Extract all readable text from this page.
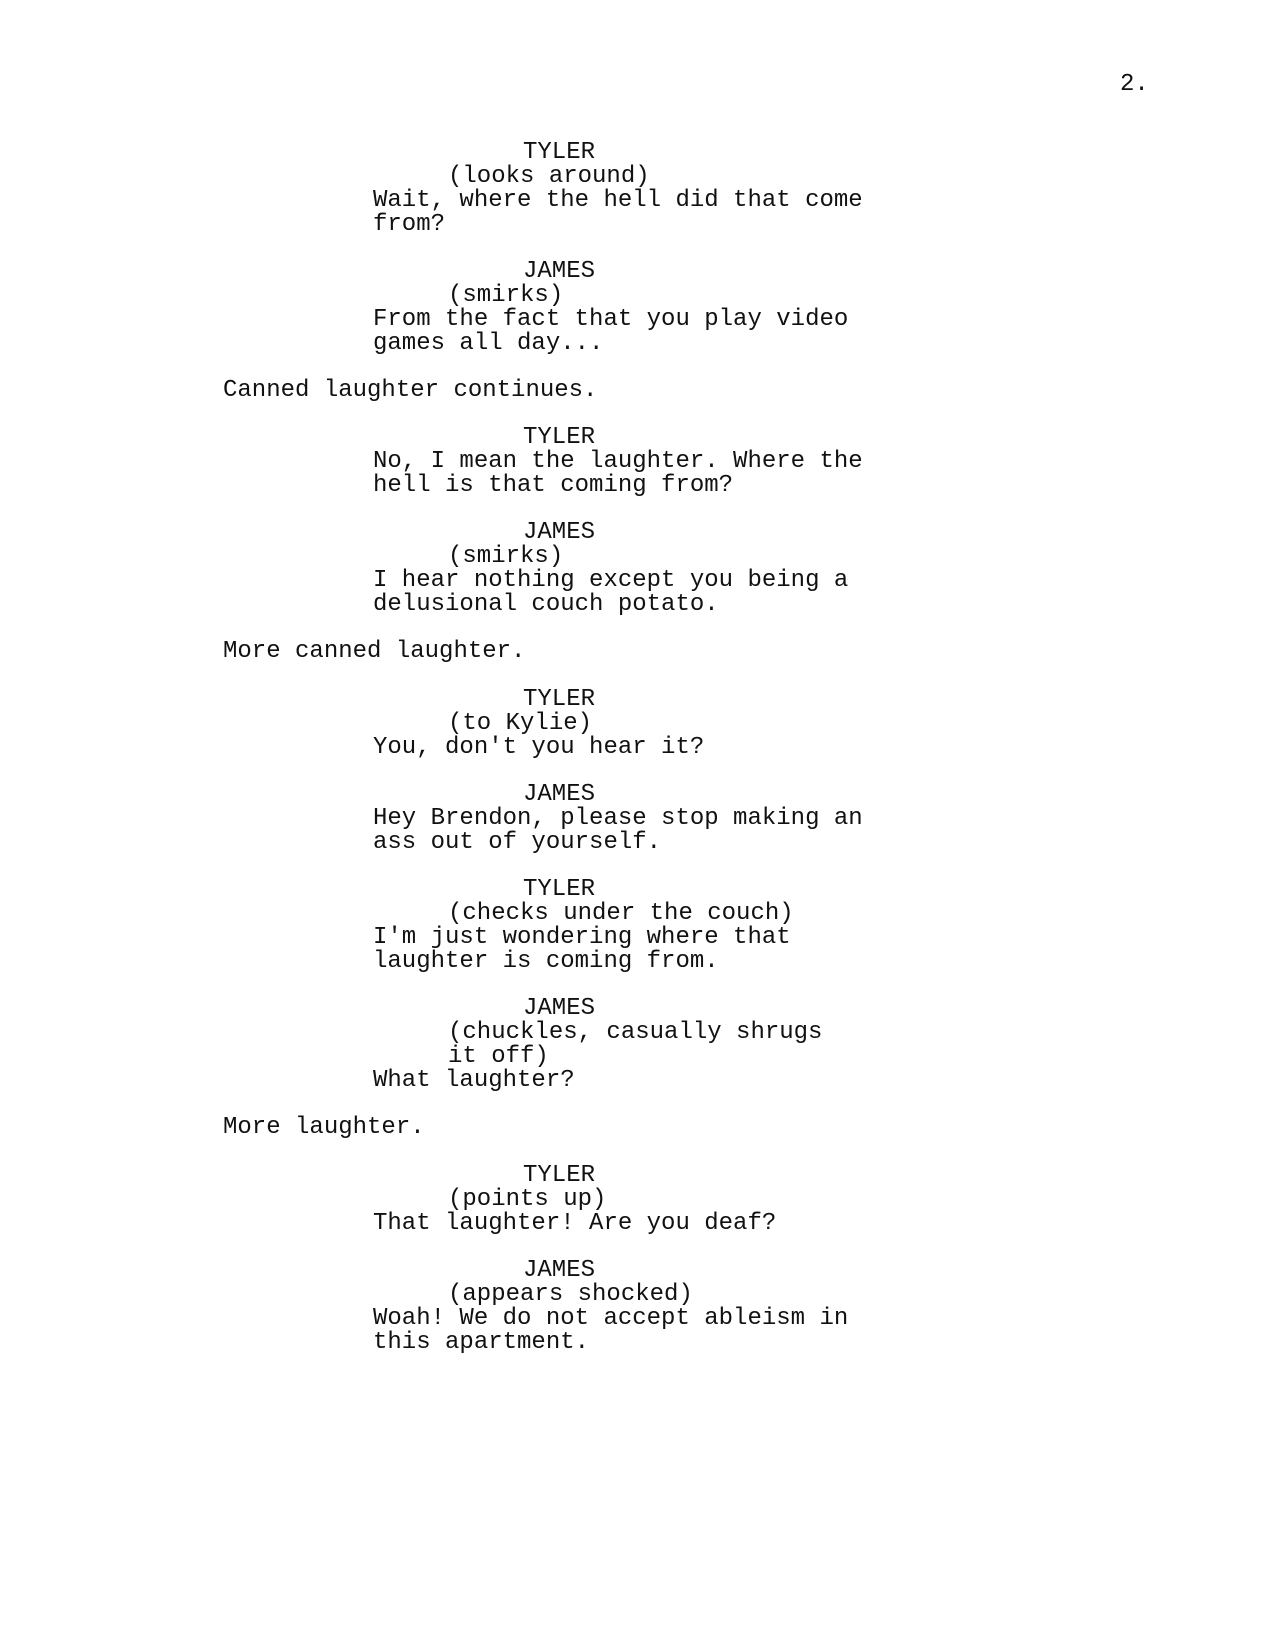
2.
TYLER
(looks around)
Wait, where the hell did that come
from?
JAMES
(smirks)
From the fact that you play video
games all day...
Canned laughter continues.
TYLER
No, I mean the laughter. Where the
hell is that coming from?
JAMES
(smirks)
I hear nothing except you being a
delusional couch potato.
More canned laughter.
TYLER
(to Kylie)
You, don't you hear it?
JAMES
Hey Brendon, please stop making an
ass out of yourself.
TYLER
(checks under the couch)
I'm just wondering where that
laughter is coming from.
JAMES
(chuckles, casually shrugs
it off)
What laughter?
More laughter.
TYLER
(points up)
That laughter! Are you deaf?
JAMES
(appears shocked)
Woah! We do not accept ableism in
this apartment.
